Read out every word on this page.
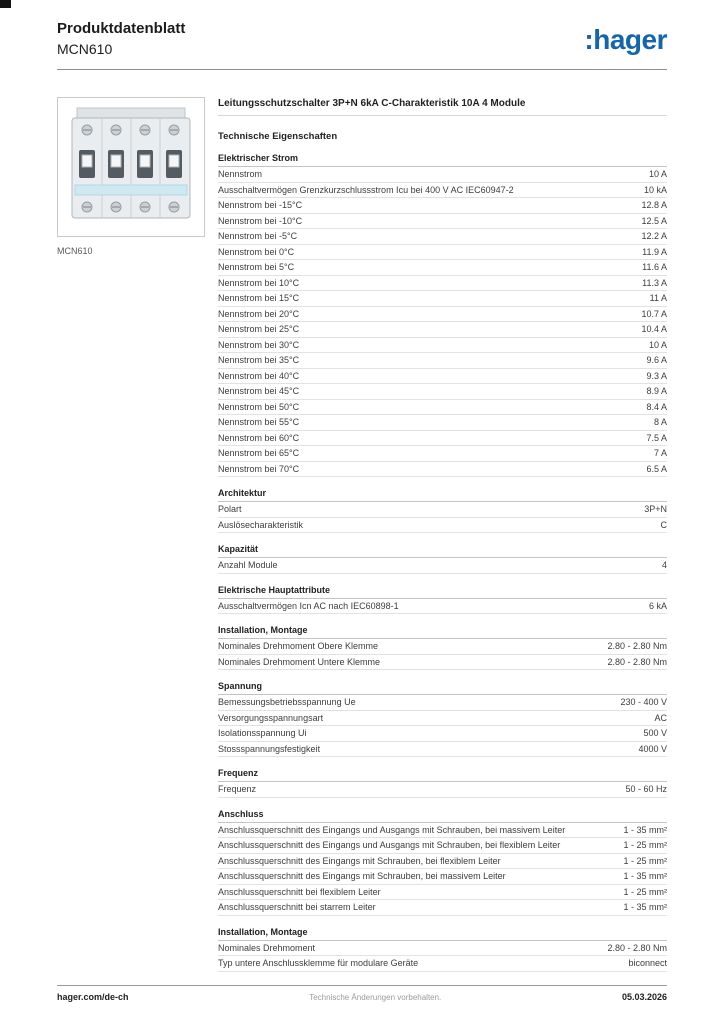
Produktdatenblatt
MCN610	:hager
MCN610
Leitungsschutzschalter 3P+N 6kA C-Charakteristik 10A 4 Module
Technische Eigenschaften
Elektrischer Strom
Nennstrom	10 A
Ausschaltvermögen Grenzkurzschlussstrom Icu bei 400 V AC IEC60947-2	10 kA
Nennstrom bei -15°C	12.8 A
Nennstrom bei -10°C	12.5 A
Nennstrom bei -5°C	12.2 A
Nennstrom bei 0°C	11.9 A
Nennstrom bei 5°C	11.6 A
Nennstrom bei 10°C	11.3 A
Nennstrom bei 15°C	11 A
Nennstrom bei 20°C	10.7 A
Nennstrom bei 25°C	10.4 A
Nennstrom bei 30°C	10 A
Nennstrom bei 35°C	9.6 A
Nennstrom bei 40°C	9.3 A
Nennstrom bei 45°C	8.9 A
Nennstrom bei 50°C	8.4 A
Nennstrom bei 55°C	8 A
Nennstrom bei 60°C	7.5 A
Nennstrom bei 65°C	7 A
Nennstrom bei 70°C	6.5 A
Architektur
Polart	3P+N
Auslösecharakteristik	C
Kapazität
Anzahl Module	4
Elektrische Hauptattribute
Ausschaltvermögen Icn AC nach IEC60898-1	6 kA
Installation, Montage
Nominales Drehmoment Obere Klemme	2.80 - 2.80 Nm
Nominales Drehmoment Untere Klemme	2.80 - 2.80 Nm
Spannung
Bemessungsbetriebsspannung Ue	230 - 400 V
Versorgungsspannungsart	AC
Isolationsspannung Ui	500 V
Stossspannungsfestigkeit	4000 V
Frequenz
Frequenz	50 - 60 Hz
Anschluss
Anschlussquerschnitt des Eingangs und Ausgangs mit Schrauben, bei massivem Leiter	1 - 35 mm²
Anschlussquerschnitt des Eingangs und Ausgangs mit Schrauben, bei flexiblem Leiter	1 - 25 mm²
Anschlussquerschnitt des Eingangs mit Schrauben, bei flexiblem Leiter	1 - 25 mm²
Anschlussquerschnitt des Eingangs mit Schrauben, bei massivem Leiter	1 - 35 mm²
Anschlussquerschnitt bei flexiblem Leiter	1 - 25 mm²
Anschlussquerschnitt bei starrem Leiter	1 - 35 mm²
Installation, Montage
Nominales Drehmoment	2.80 - 2.80 Nm
Typ untere Anschlussklemme für modulare Geräte	biconnect
hager.com/de-ch	Technische Änderungen vorbehalten.	05.03.2026
